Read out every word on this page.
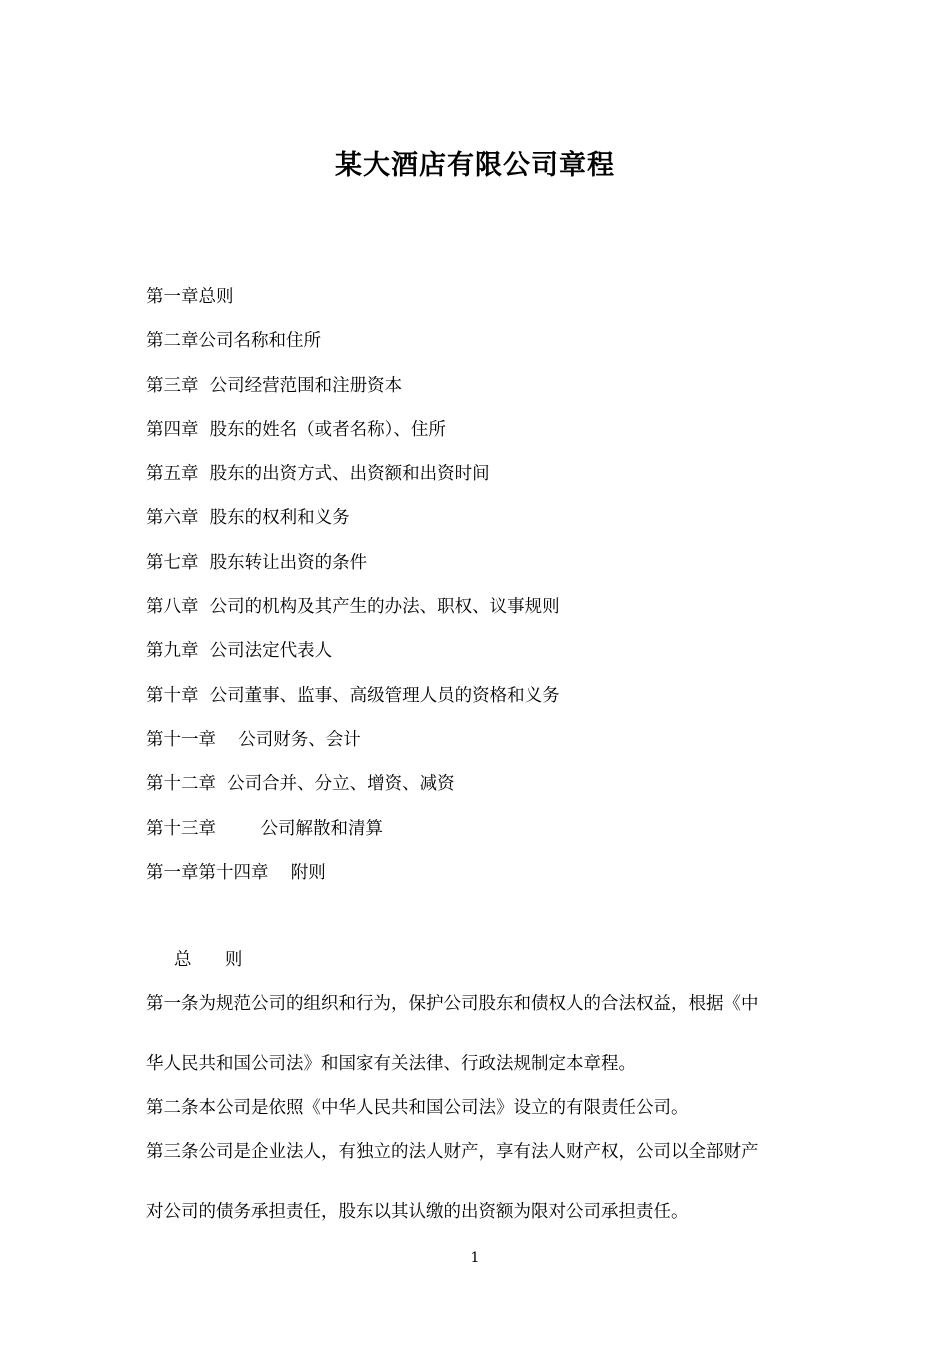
某大酒店有限公司章程
第一章总则
第二章公司名称和住所
第三章  公司经营范围和注册资本
第四章  股东的姓名（或者名称）、住所
第五章  股东的出资方式、出资额和出资时间
第六章  股东的权利和义务
第七章  股东转让出资的条件
第八章  公司的机构及其产生的办法、职权、议事规则
第九章  公司法定代表人
第十章  公司董事、监事、高级管理人员的资格和义务
第十一章    公司财务、会计
第十二章  公司合并、分立、增资、减资
第十三章        公司解散和清算
第一章第十四章    附则
总      则

第一条为规范公司的组织和行为，保护公司股东和债权人的合法权益，根据《中
华人民共和国公司法》和国家有关法律、行政法规制定本章程。

第二条本公司是依照《中华人民共和国公司法》设立的有限责任公司。

第三条公司是企业法人，有独立的法人财产，享有法人财产权，公司以全部财产
对公司的债务承担责任，股东以其认缴的出资额为限对公司承担责任。

1
